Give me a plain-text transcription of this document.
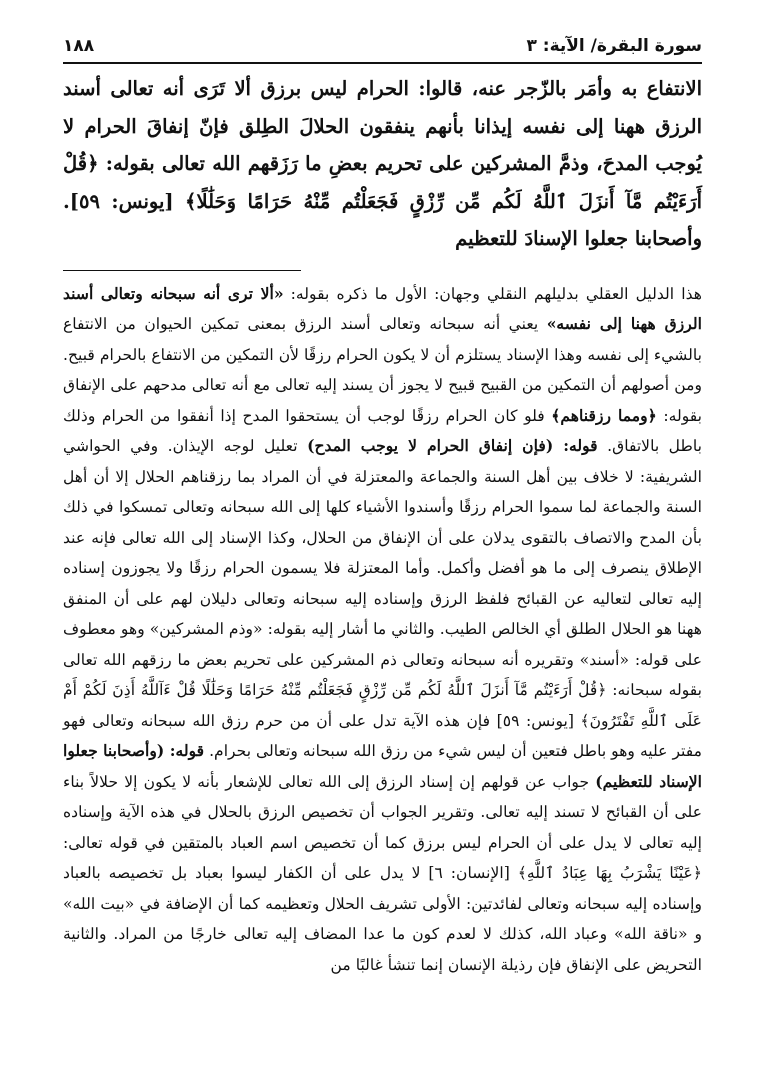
سورة البقرة/ الآية: ٣
١٨٨

الانتفاع به وأمَر بالزّجر عنه، قالوا: الحرام ليس برزق ألا تَرَى أنه تعالى أسند الرزق ههنا إلى نفسه إيذانا بأنهم ينفقون الحلالَ الطِلق فإنّ إنفاقَ الحرام لا يُوجب المدحَ، وذمَّ المشركين على تحريم بعضِ ما رَزَقهم الله تعالى بقوله: ﴿قُلْ أَرَءَيْتُم مَّآ أَنزَلَ ٱللَّهُ لَكُم مِّن رِّزْقٍ فَجَعَلْتُم مِّنْهُ حَرَامًا وَحَلَٰلًا﴾ [يونس: ٥٩]. وأصحابنا جعلوا الإسنادَ للتعظيم

هذا الدليل العقلي بدليلهم النقلي وجهان: الأول ما ذكره بقوله: «ألا ترى أنه سبحانه وتعالى أسند الرزق ههنا إلى نفسه» يعني أنه سبحانه وتعالى أسند الرزق بمعنى تمكين الحيوان من الانتفاع بالشيء إلى نفسه وهذا الإسناد يستلزم أن لا يكون الحرام رزقًا لأن التمكين من الانتفاع بالحرام قبيح. ومن أصولهم أن التمكين من القبيح قبيح لا يجوز أن يسند إليه تعالى مع أنه تعالى مدحهم على الإنفاق بقوله: ﴿ومما رزقناهم﴾ فلو كان الحرام رزقًا لوجب أن يستحقوا المدح إذا أنفقوا من الحرام وذلك باطل بالاتفاق. قوله: (فإن إنفاق الحرام لا يوجب المدح) تعليل لوجه الإيذان. وفي الحواشي الشريفية: لا خلاف بين أهل السنة والجماعة والمعتزلة في أن المراد بما رزقناهم الحلال إلا أن أهل السنة والجماعة لما سموا الحرام رزقًا وأسندوا الأشياء كلها إلى الله سبحانه وتعالى تمسكوا في ذلك بأن المدح والاتصاف بالتقوى يدلان على أن الإنفاق من الحلال، وكذا الإسناد إلى الله تعالى فإنه عند الإطلاق ينصرف إلى ما هو أفضل وأكمل. وأما المعتزلة فلا يسمون الحرام رزقًا ولا يجوزون إسناده إليه تعالى لتعاليه عن القبائح فلفظ الرزق وإسناده إليه سبحانه وتعالى دليلان لهم على أن المنفق ههنا هو الحلال الطلق أي الخالص الطيب. والثاني ما أشار إليه بقوله: «وذم المشركين» وهو معطوف على قوله: «أسند» وتقريره أنه سبحانه وتعالى ذم المشركين على تحريم بعض ما رزقهم الله تعالى بقوله سبحانه: ﴿قُلْ أَرَءَيْتُم مَّآ أَنزَلَ ٱللَّهُ لَكُم مِّن رِّزْقٍ فَجَعَلْتُم مِّنْهُ حَرَامًا وَحَلَٰلًا قُلْ ءَآللَّهُ أَذِنَ لَكُمْ أَمْ عَلَى ٱللَّهِ تَفْتَرُونَ﴾ [يونس: ٥٩] فإن هذه الآية تدل على أن من حرم رزق الله سبحانه وتعالى فهو مفتر عليه وهو باطل فتعين أن ليس شيء من رزق الله سبحانه وتعالى بحرام. قوله: (وأصحابنا جعلوا الإسناد للتعظيم) جواب عن قولهم إن إسناد الرزق إلى الله تعالى للإشعار بأنه لا يكون إلا حلالاً بناء على أن القبائح لا تسند إليه تعالى. وتقرير الجواب أن تخصيص الرزق بالحلال في هذه الآية وإسناده إليه تعالى لا يدل على أن الحرام ليس برزق كما أن تخصيص اسم العباد بالمتقين في قوله تعالى: ﴿عَيْنًا يَشْرَبُ بِهَا عِبَادُ ٱللَّهِ﴾ [الإنسان: ٦] لا يدل على أن الكفار ليسوا بعباد بل تخصيصه بالعباد وإسناده إليه سبحانه وتعالى لفائدتين: الأولى تشريف الحلال وتعظيمه كما أن الإضافة في «بيت الله» و «ناقة الله» وعباد الله، كذلك لا لعدم كون ما عدا المضاف إليه تعالى خارجًا من المراد. والثانية التحريض على الإنفاق فإن رذيلة الإنسان إنما تنشأ غالبًا من
